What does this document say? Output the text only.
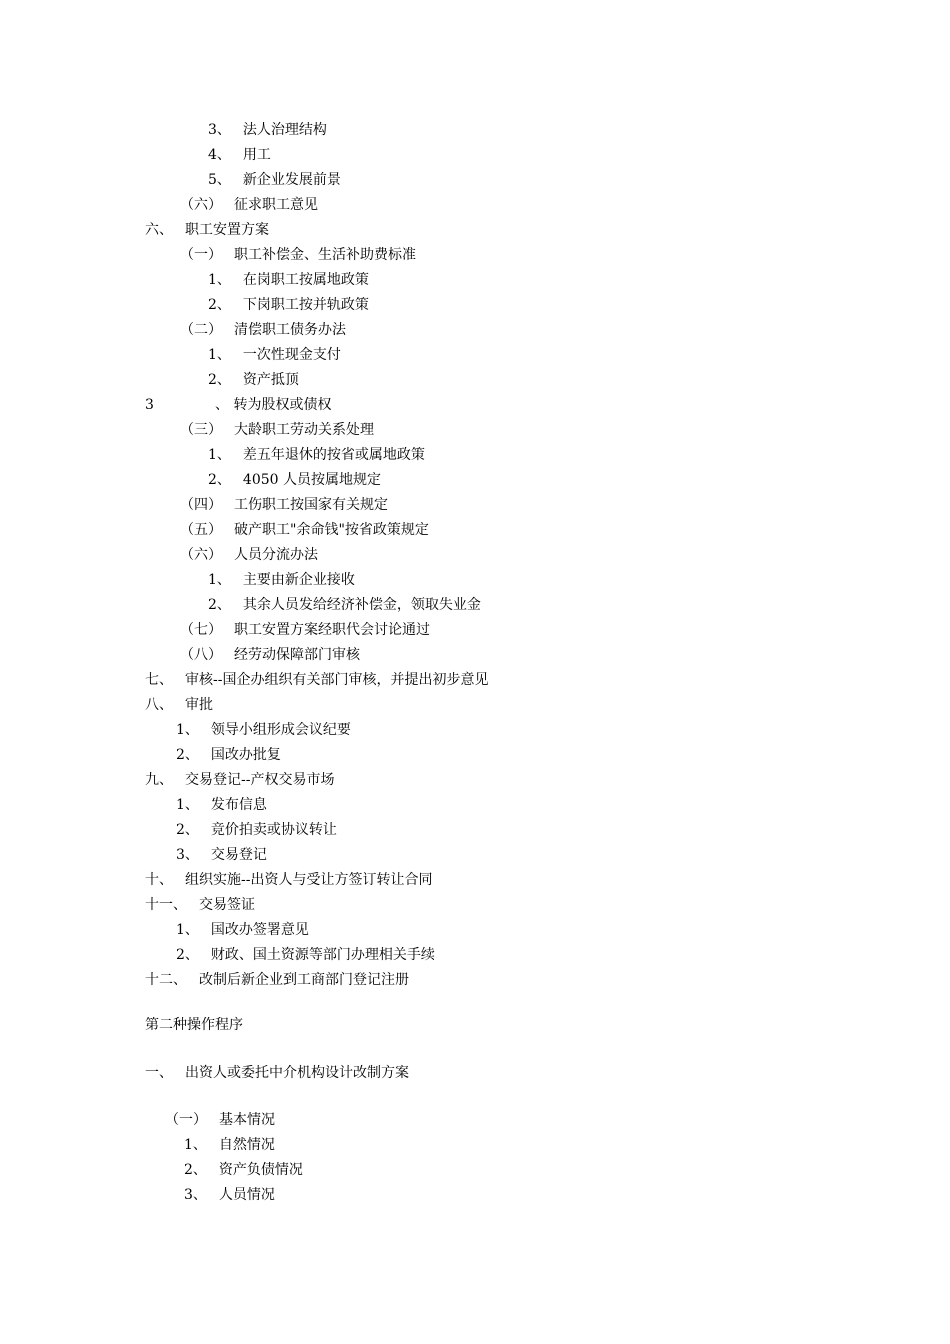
3、 法人治理结构
4、 用工
5、 新企业发展前景
（六） 征求职工意见
六、 职工安置方案
（一） 职工补偿金、生活补助费标准
1、 在岗职工按属地政策
2、 下岗职工按并轨政策
（二） 清偿职工债务办法
1、 一次性现金支付
2、 资产抵顶
3	、 转为股权或债权
（三） 大龄职工劳动关系处理
1、 差五年退休的按省或属地政策
2、 4050 人员按属地规定
（四） 工伤职工按国家有关规定
（五） 破产职工"余命钱"按省政策规定
（六） 人员分流办法
1、 主要由新企业接收
2、 其余人员发给经济补偿金，领取失业金
（七） 职工安置方案经职代会讨论通过
（八） 经劳动保障部门审核
七、 审核--国企办组织有关部门审核，并提出初步意见
八、 审批
1、 领导小组形成会议纪要
2、 国改办批复
九、 交易登记--产权交易市场
1、 发布信息
2、 竞价拍卖或协议转让
3、 交易登记
十、 组织实施--出资人与受让方签订转让合同
十一、 交易签证
1、 国改办签署意见
2、 财政、国土资源等部门办理相关手续
十二、 改制后新企业到工商部门登记注册
第二种操作程序
一、 出资人或委托中介机构设计改制方案
（一） 基本情况
1、 自然情况
2、 资产负债情况
3、 人员情况
